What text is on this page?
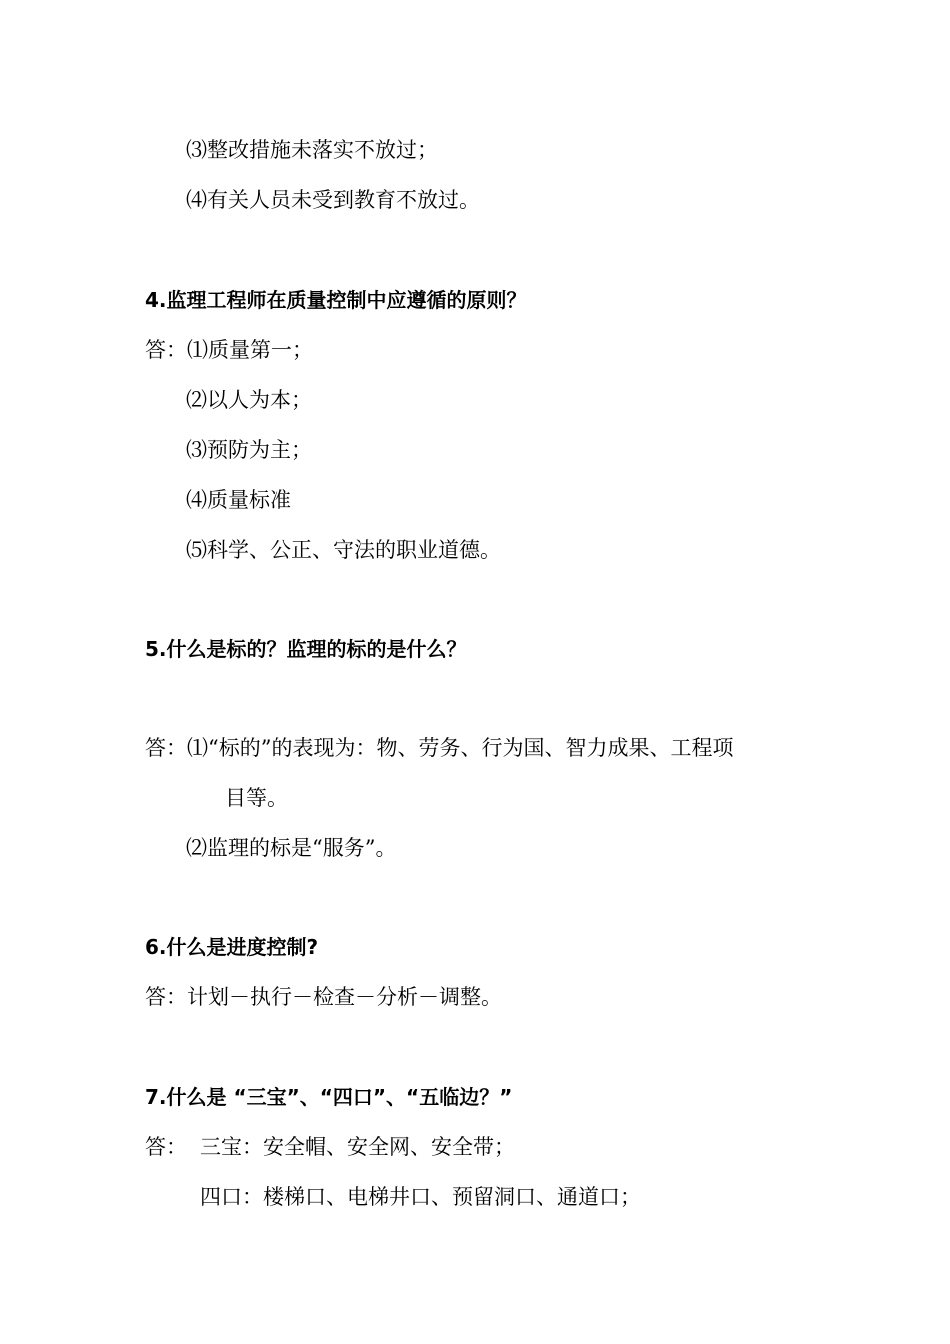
⑶整改措施未落实不放过；
⑷有关人员未受到教育不放过。
4.监理工程师在质量控制中应遵循的原则？
答：⑴质量第一；
⑵以人为本；
⑶预防为主；
⑷质量标准
⑸科学、公正、守法的职业道德。
5.什么是标的？监理的标的是什么？
答：⑴“标的”的表现为：物、劳务、行为国、智力成果、工程项
目等。
⑵监理的标是“服务”。
6.什么是进度控制?
答：计划－执行－检查－分析－调整。
7.什么是 “三宝”、“四口”、“五临边？”
答： 三宝：安全帽、安全网、安全带；
四口：楼梯口、电梯井口、预留洞口、通道口；
